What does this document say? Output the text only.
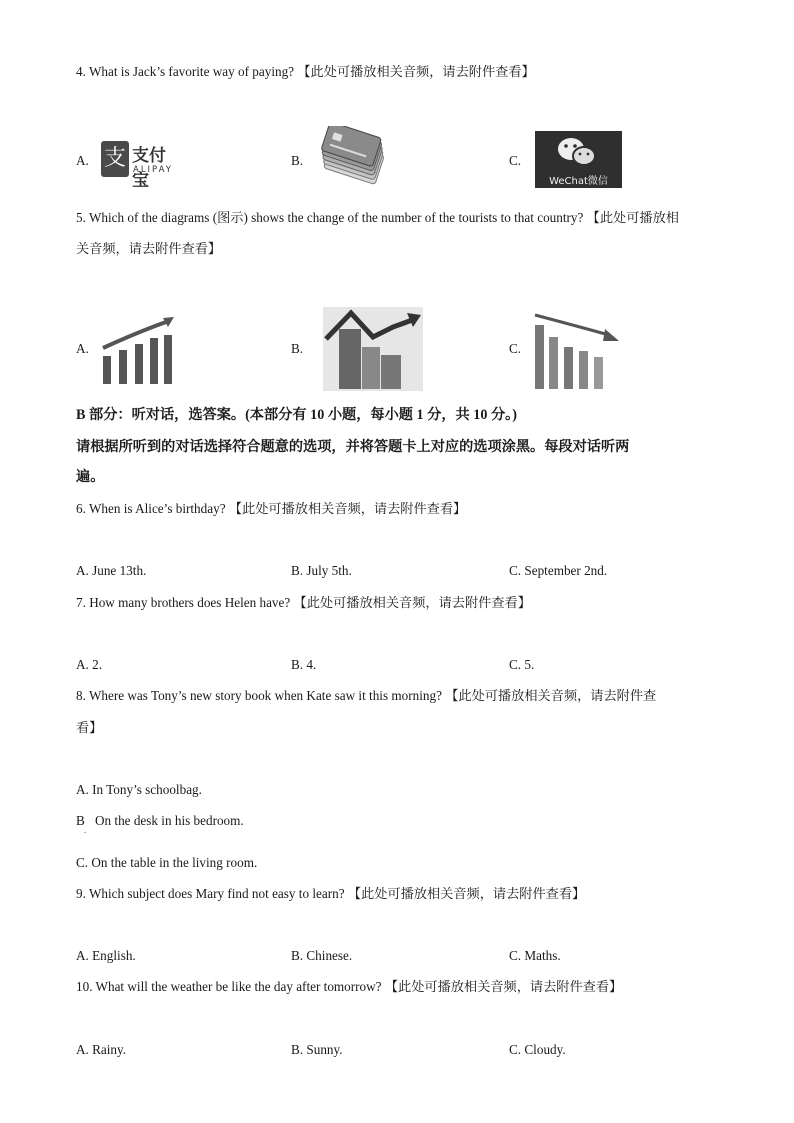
4. What is Jack’s favorite way of paying? 【此处可播放相关音频，请去附件查看】
A. 支 支付宝
ALIPAY
B.	C.
WeChat微信
5. Which of the diagrams (图示) shows the change of the number of the tourists to that country? 【此处可播放相
关音频，请去附件查看】
A.	B.	C.
B 部分：听对话，选答案。(本部分有 10 小题，每小题 1 分，共 10 分。)
请根据所听到的对话选择符合题意的选项，并将答题卡上对应的选项涂黑。每段对话听两
遍。
6. When is Alice’s birthday? 【此处可播放相关音频，请去附件查看】
A. June 13th.	B. July 5th.	C. September 2nd.
7. How many brothers does Helen have? 【此处可播放相关音频，请去附件查看】
A. 2.	B. 4.	C. 5.
8. Where was Tony’s new story book when Kate saw it this morning? 【此处可播放相关音频，请去附件查
看】
A. In Tony’s schoolbag.
B
.
On the desk in his bedroom.
C. On the table in the living room.
9. Which subject does Mary find not easy to learn? 【此处可播放相关音频，请去附件查看】
A. English.	B. Chinese.	C. Maths.
10. What will the weather be like the day after tomorrow? 【此处可播放相关音频，请去附件查看】
A. Rainy.	B. Sunny.	C. Cloudy.
